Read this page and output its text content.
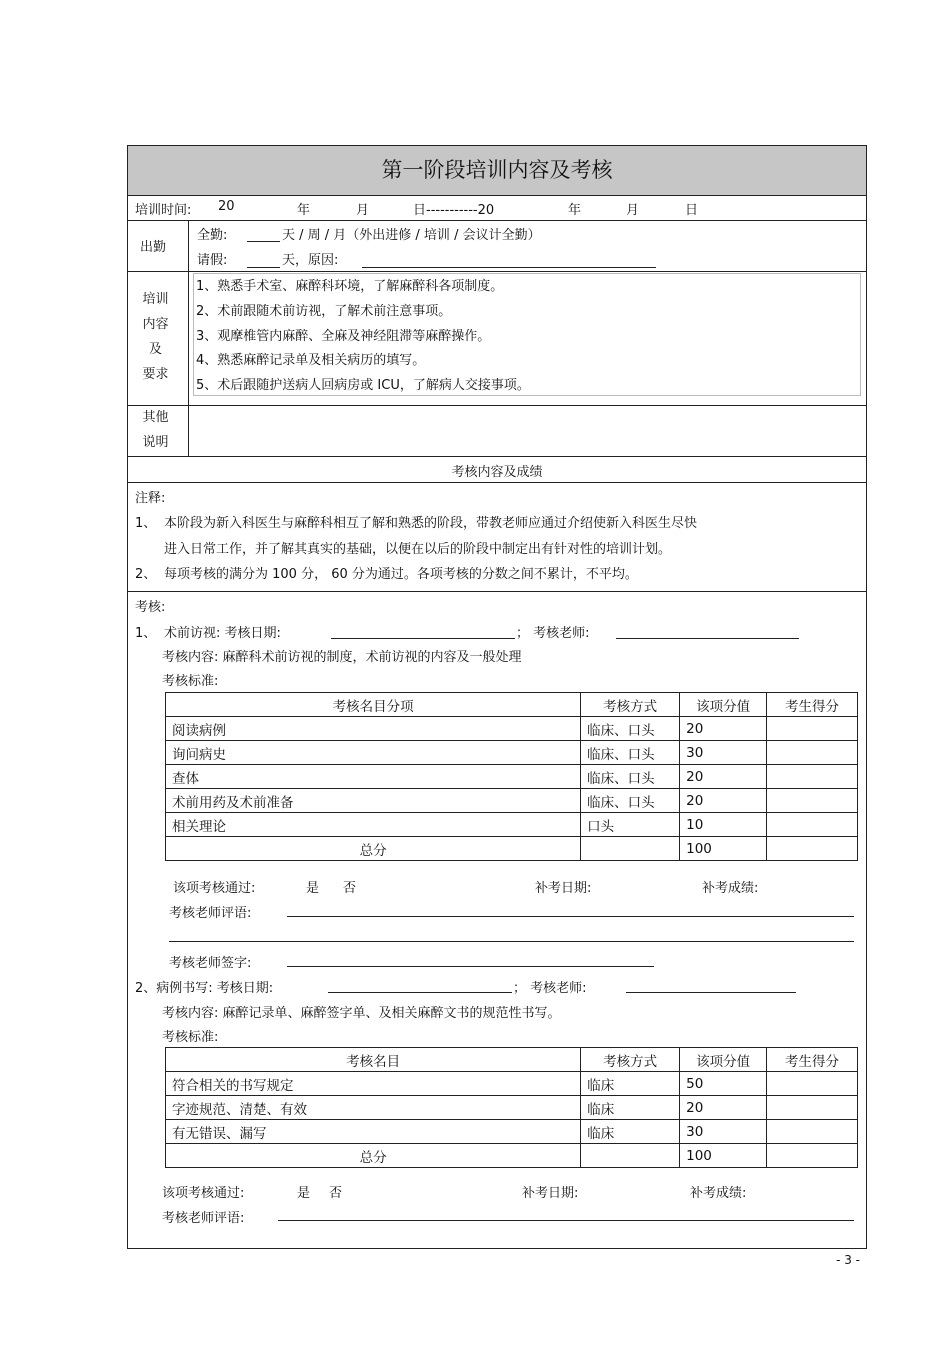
第一阶段培训内容及考核
培训时间: 20	年	月	日-----------20	年	月	日
出勤
全勤:	天 / 周 / 月（外出进修 / 培训 / 会议计全勤）
请假:	天，原因:
培训
内容
及
要求
1、熟悉手术室、麻醉科环境，了解麻醉科各项制度。
2、术前跟随术前访视，了解术前注意事项。
3、观摩椎管内麻醉、全麻及神经阻滞等麻醉操作。
4、熟悉麻醉记录单及相关病历的填写。
5、术后跟随护送病人回病房或 ICU，了解病人交接事项。
其他
说明
考核内容及成绩
注释:
1、 本阶段为新入科医生与麻醉科相互了解和熟悉的阶段，带教老师应通过介绍使新入科医生尽快
进入日常工作，并了解其真实的基础，以便在以后的阶段中制定出有针对性的培训计划。
2、 每项考核的满分为 100 分， 60 分为通过。各项考核的分数之间不累计，不平均。
考核:
1、 术前访视: 考核日期:	； 考核老师:
考核内容: 麻醉科术前访视的制度，术前访视的内容及一般处理
考核标准:
考核名目分项	考核方式	该项分值	考生得分
阅读病例	临床、口头	20	
询问病史	临床、口头	30	
查体	临床、口头	20	
术前用药及术前准备	临床、口头	20	
相关理论	口头	10	
总分		100	
该项考核通过:	是 否	补考日期:	补考成绩:
考核老师评语:
考核老师签字:
2、病例书写: 考核日期:	； 考核老师:
考核内容: 麻醉记录单、麻醉签字单、及相关麻醉文书的规范性书写。
考核标准:
考核名目	考核方式	该项分值	考生得分
符合相关的书写规定	临床	50	
字迹规范、清楚、有效	临床	20	
有无错误、漏写	临床	30	
总分		100	
该项考核通过:	是 否	补考日期:	补考成绩:
考核老师评语:
- 3 -
